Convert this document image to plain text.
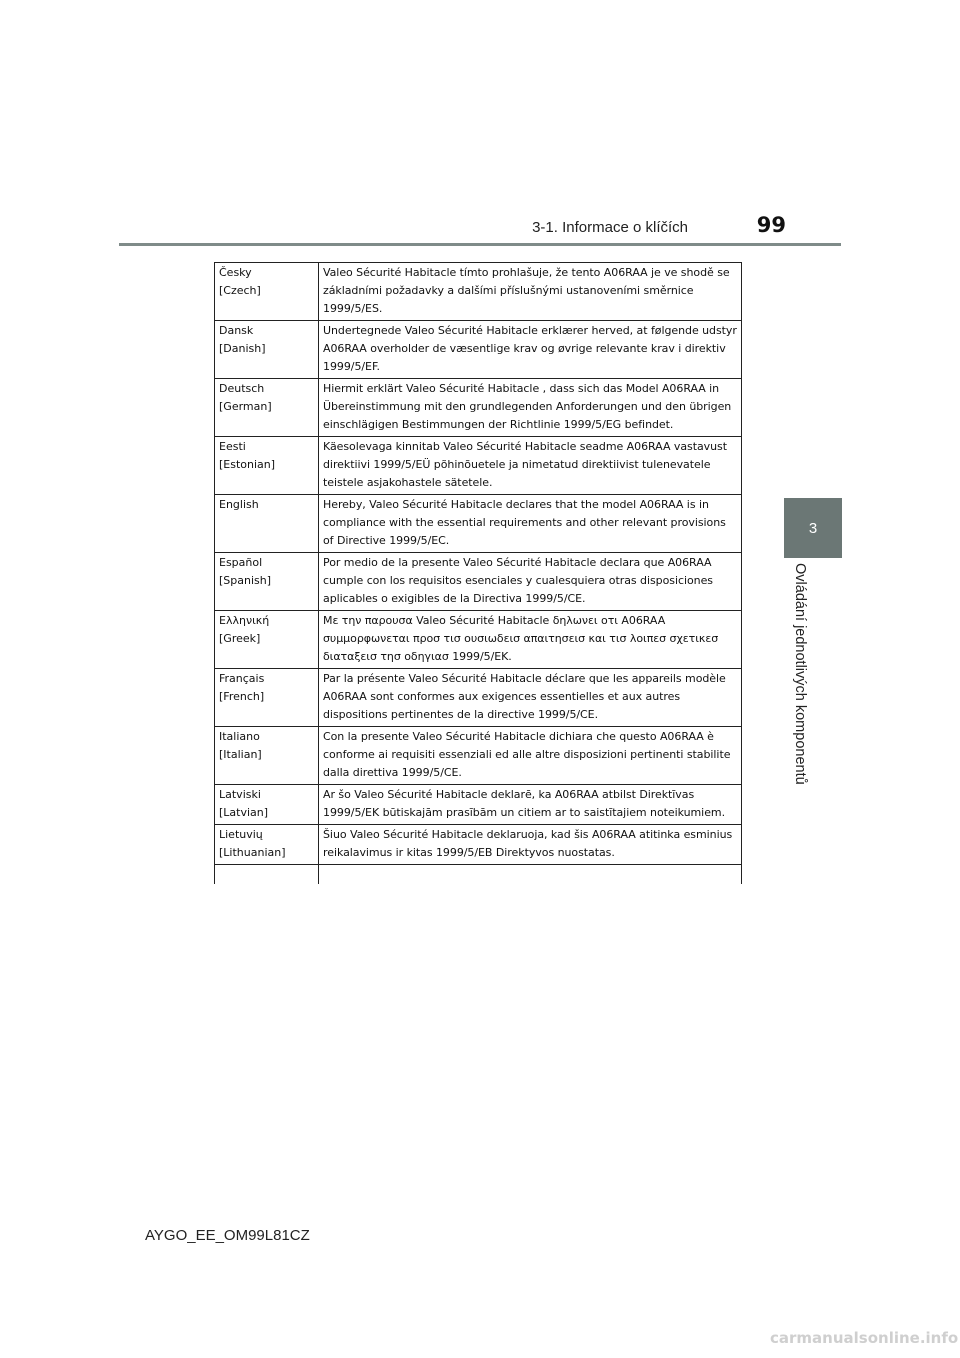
3-1. Informace o klíčích	99
3
Ovládání jednotlivých komponentů
Česky
[Czech]	Valeo Sécurité Habitacle tímto prohlašuje, že tento A06RAA je ve shodě se základními požadavky a dalšími příslušnými ustanoveními směrnice 1999/5/ES.

Dansk
[Danish]	Undertegnede Valeo Sécurité Habitacle erklærer herved, at følgende udstyr A06RAA overholder de væsentlige krav og øvrige relevante krav i direktiv 1999/5/EF.

Deutsch
[German]	Hiermit erklärt Valeo Sécurité Habitacle , dass sich das Model A06RAA in Übereinstimmung mit den grundlegenden Anforderungen und den übrigen einschlägigen Bestimmungen der Richtlinie 1999/5/EG befindet.

Eesti
[Estonian]	Käesolevaga kinnitab Valeo Sécurité Habitacle seadme A06RAA vastavust direktiivi 1999/5/EÜ põhinõuetele ja nimetatud direktiivist tulenevatele teistele asjakohastele sätetele.

English	Hereby, Valeo Sécurité Habitacle declares that the model A06RAA is in compliance with the essential requirements and other relevant provisions of Directive 1999/5/EC.

Español
[Spanish]	Por medio de la presente Valeo Sécurité Habitacle declara que A06RAA cumple con los requisitos esenciales y cualesquiera otras disposiciones aplicables o exigibles de la Directiva 1999/5/CE.

Ελληνική
[Greek]	Με την παρουσα Valeo Sécurité Habitacle δηλωνει οτι A06RAA συμμορφωνεται προσ τισ ουσιωδεισ απαιτησεισ και τισ λοιπεσ σχετικεσ διαταξεισ τησ οδηγιασ 1999/5/ΕΚ.

Français
[French]	Par la présente Valeo Sécurité Habitacle déclare que les appareils modèle A06RAA sont conformes aux exigences essentielles et aux autres dispositions pertinentes de la directive 1999/5/CE.

Italiano
[Italian]	Con la presente Valeo Sécurité Habitacle dichiara che questo A06RAA è conforme ai requisiti essenziali ed alle altre disposizioni pertinenti stabilite dalla direttiva 1999/5/CE.

Latviski
[Latvian]	Ar šo Valeo Sécurité Habitacle deklarē, ka A06RAA atbilst Direktīvas 1999/5/EK būtiskajām prasībām un citiem ar to saistītajiem noteikumiem.

Lietuvių
[Lithuanian]	Šiuo Valeo Sécurité Habitacle deklaruoja, kad šis A06RAA atitinka esminius reikalavimus ir kitas 1999/5/EB Direktyvos nuostatas.

AYGO_EE_OM99L81CZ
carmanualsonline.info
